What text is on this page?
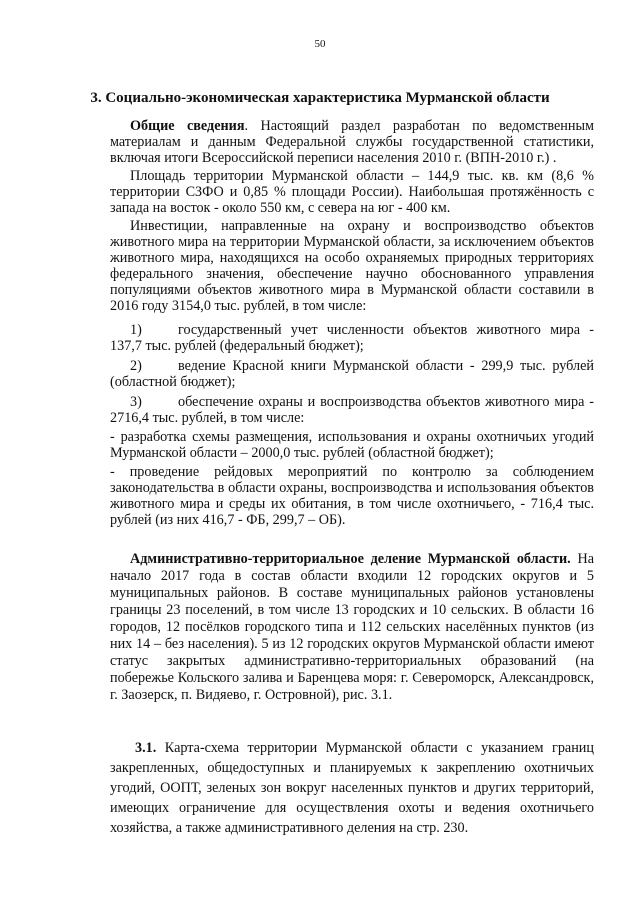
50
3. Социально-экономическая характеристика Мурманской области

Общие сведения. Настоящий раздел разработан по ведомственным материалам и данным Федеральной службы государственной статистики, включая итоги Всероссийской переписи населения 2010 г. (ВПН-2010 г.) .

Площадь территории Мурманской области – 144,9 тыс. кв. км (8,6 % территории СЗФО и 0,85 % площади России). Наибольшая протяжённость с запада на восток - около 550 км, с севера на юг - 400 км.

Инвестиции, направленные на охрану и воспроизводство объектов животного мира на территории Мурманской области, за исключением объектов животного мира, находящихся на особо охраняемых природных территориях федерального значения, обеспечение научно обоснованного управления популяциями объектов животного мира в Мурманской области составили в 2016 году 3154,0 тыс. рублей, в том числе:

1)	государственный учет численности объектов животного мира - 137,7 тыс. рублей (федеральный бюджет);

2)	ведение Красной книги Мурманской области - 299,9 тыс. рублей (областной бюджет);

3)	обеспечение охраны и воспроизводства объектов животного мира - 2716,4 тыс. рублей, в том числе:

- разработка схемы размещения, использования и охраны охотничьих угодий Мурманской области – 2000,0 тыс. рублей (областной бюджет);

- проведение рейдовых мероприятий по контролю за соблюдением законодательства в области охраны, воспроизводства и использования объектов животного мира и среды их обитания, в том числе охотничьего, - 716,4 тыс. рублей (из них 416,7 - ФБ, 299,7 – ОБ).

Административно-территориальное деление Мурманской области. На начало 2017 года в состав области входили 12 городских округов и 5 муниципальных районов. В составе муниципальных районов установлены границы 23 поселений, в том числе 13 городских и 10 сельских. В области 16 городов, 12 посёлков городского типа и 112 сельских населённых пунктов (из них 14 – без населения). 5 из 12 городских округов Мурманской области имеют статус закрытых административно-территориальных образований (на побережье Кольского залива и Баренцева моря: г. Североморск, Александровск, г. Заозерск, п. Видяево, г. Островной), рис. 3.1.

3.1. Карта-схема территории Мурманской области с указанием границ закрепленных, общедоступных и планируемых к закреплению охотничьих угодий, ООПТ, зеленых зон вокруг населенных пунктов и других территорий, имеющих ограничение для осуществления охоты и ведения охотничьего хозяйства, а также административного деления на стр. 230.
